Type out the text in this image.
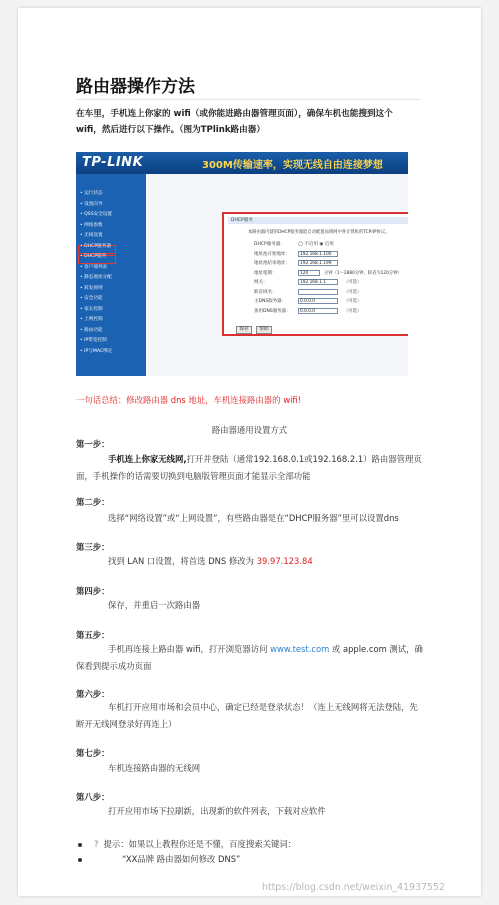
路由器操作方法
在车里，手机连上你家的 wifi（或你能进路由器管理页面），确保车机也能搜到这个 wifi，然后进行以下操作。（图为TPlink路由器）
TP-LINK	300M传输速率，实现无线自由连接梦想
• 运行状态
• 设置向导
• QSS安全设置
• 网络参数
• 无线设置
• DHCP服务器
• DHCP服务
• 客户端列表
• 静态地址分配
• 转发规则
• 安全功能
• 家长控制
• 上网控制
• 路由功能
• IP带宽控制
• IP与MAC绑定
DHCP服务
本路由器内建的DHCP服务器能自动配置局域网中各计算机的TCP/IP协议。
◯ 不启用 ◉ 启用
保存	帮助
DHCP服务器：
地址池开始地址：	192.168.1.100
地址池结束地址：	192.168.1.199
地址租期：	120	分钟（1～2880分钟，缺省为120分钟）
网关：	192.168.1.1	（可选）
缺省域名：	（可选）
主DNS服务器：	0.0.0.0	（可选）
备用DNS服务器：	0.0.0.0	（可选）
一句话总结：修改路由器 dns 地址，车机连接路由器的 wifi!
路由器通用设置方式
第一步：
手机连上你家无线网,打开并登陆（通常192.168.0.1或192.168.2.1）路由器管理页面，手机操作的话需要切换到电脑版管理页面才能显示全部功能
第二步：
选择“网络设置”或“上网设置”，有些路由器是在“DHCP服务器”里可以设置dns
第三步：
找到 LAN 口设置，将首选 DNS 修改为 39.97.123.84
第四步：
保存，并重启一次路由器
第五步：
手机再连接上路由器 wifi，打开浏览器访问 www.test.com 或 apple.com 测试，确保看到提示成功页面
第六步：
车机打开应用市场和会员中心，确定已经是登录状态！（连上无线网将无法登陆，先断开无线网登录好再连上）
第七步：
车机连接路由器的无线网
第八步：
打开应用市场下拉刷新，出现新的软件列表，下载对应软件
? 提示：如果以上教程你还是不懂，百度搜索关键词：
“XX品牌 路由器如何修改 DNS”
https://blog.csdn.net/weixin_41937552
